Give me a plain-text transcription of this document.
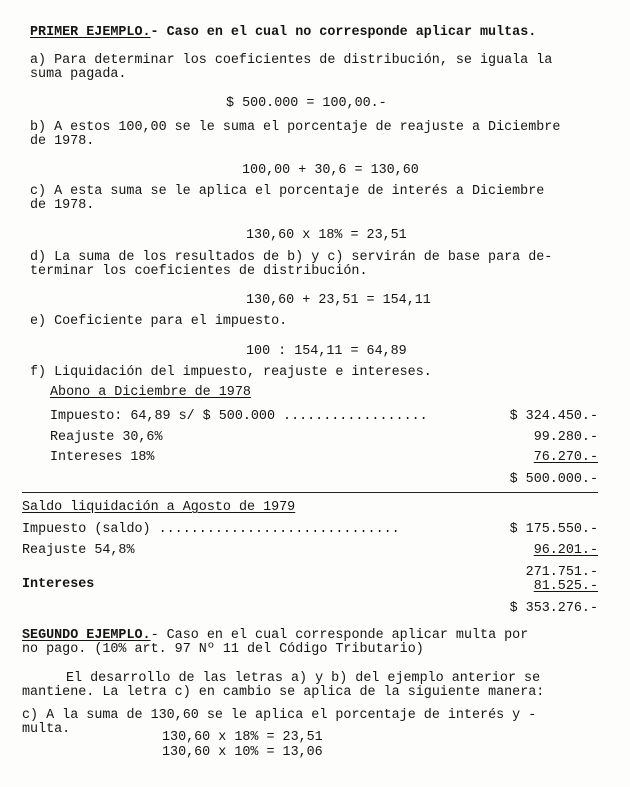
PRIMER EJEMPLO.- Caso en el cual no corresponde aplicar multas.
a) Para determinar los coeficientes de distribución, se iguala la
suma pagada.
$ 500.000 = 100,00.-
b) A estos 100,00 se le suma el porcentaje de reajuste a Diciembre
de 1978.
100,00 + 30,6 = 130,60
c) A esta suma se le aplica el porcentaje de interés a Diciembre
de 1978.
130,60 x 18% = 23,51
d) La suma de los resultados de b) y c) servirán de base para de-
terminar los coeficientes de distribución.
130,60 + 23,51 = 154,11
e) Coeficiente para el impuesto.
100 : 154,11 = 64,89
f) Liquidación del impuesto, reajuste e intereses.
Abono a Diciembre de 1978
Impuesto: 64,89 s/ $ 500.000 ..................	$ 324.450.-
Reajuste 30,6%	99.280.-
Intereses 18%	76.270.-
$ 500.000.-
Saldo liquidación a Agosto de 1979
Impuesto (saldo) ..............................	$ 175.550.-
Reajuste 54,8%	96.201.-
271.751.-
Intereses	81.525.-
$ 353.276.-
SEGUNDO EJEMPLO.- Caso en el cual corresponde aplicar multa por
no pago. (10% art. 97 Nº 11 del Código Tributario)
El desarrollo de las letras a) y b) del ejemplo anterior se
mantiene. La letra c) en cambio se aplica de la siguiente manera:
c) A la suma de 130,60 se le aplica el porcentaje de interés y -
multa.
130,60 x 18% = 23,51
130,60 x 10% = 13,06
